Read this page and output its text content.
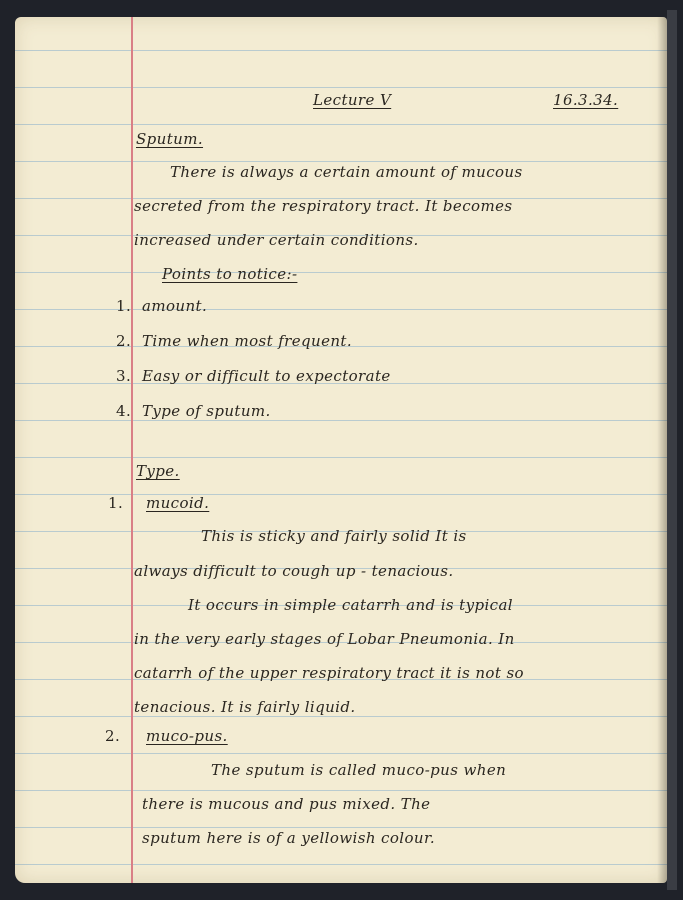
Lecture V	16.3.34.
Sputum.
There is always a certain amount of mucous
secreted from the respiratory tract. It becomes
increased under certain conditions.
Points to notice:-
1. amount.
2. Time when most frequent.
3. Easy or difficult to expectorate
4. Type of sputum.
Type.
1. mucoid.
This is sticky and fairly solid It is
always difficult to cough up - tenacious.
It occurs in simple catarrh and is typical
in the very early stages of Lobar Pneumonia. In
catarrh of the upper respiratory tract it is not so
tenacious. It is fairly liquid.
2. muco-pus.
The sputum is called muco-pus when
there is mucous and pus mixed. The
sputum here is of a yellowish colour.
